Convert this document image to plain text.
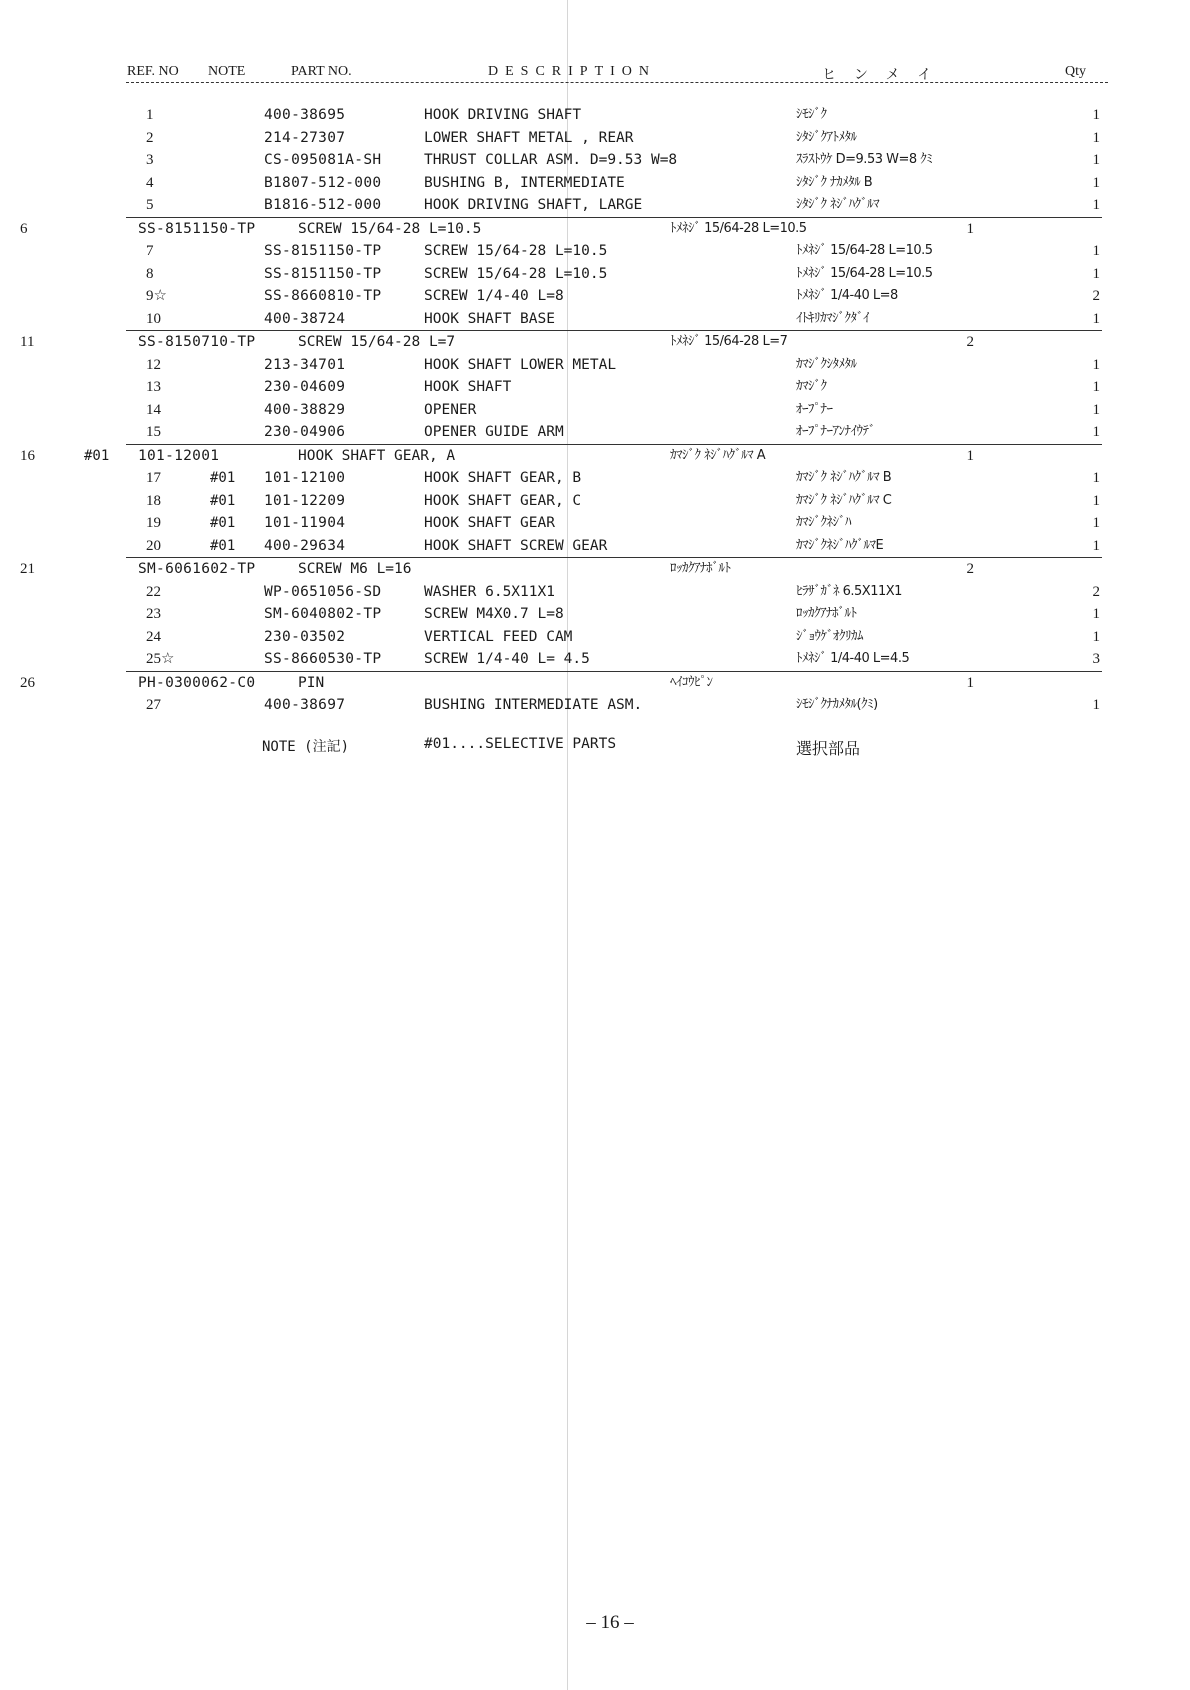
REF. NO NOTE	PART NO.	DESCRIPTION	ヒンメイ	Qty
1	400-38695	HOOK DRIVING SHAFT	ｼﾓｼﾞｸ	1
2	214-27307	LOWER SHAFT METAL , REAR	ｼﾀｼﾞｸｱﾄﾒﾀﾙ	1
3	CS-095081A-SH	THRUST COLLAR ASM. D=9.53 W=8	ｽﾗｽﾄｳｹ D=9.53 W=8 ｸﾐ	1
4	B1807-512-000	BUSHING B, INTERMEDIATE	ｼﾀｼﾞｸ ﾅｶﾒﾀﾙ B	1
5	B1816-512-000	HOOK DRIVING SHAFT, LARGE	ｼﾀｼﾞｸ ﾈｼﾞﾊｸﾞﾙﾏ	1
6	SS-8151150-TP	SCREW 15/64-28 L=10.5	ﾄﾒﾈｼﾞ 15/64-28 L=10.5	1
7	SS-8151150-TP	SCREW 15/64-28 L=10.5	ﾄﾒﾈｼﾞ 15/64-28 L=10.5	1
8	SS-8151150-TP	SCREW 15/64-28 L=10.5	ﾄﾒﾈｼﾞ 15/64-28 L=10.5	1
9☆	SS-8660810-TP	SCREW 1/4-40 L=8	ﾄﾒﾈｼﾞ 1/4-40 L=8	2
10	400-38724	HOOK SHAFT BASE	ｲﾄｷﾘｶﾏｼﾞｸﾀﾞｲ	1
11	SS-8150710-TP	SCREW 15/64-28 L=7	ﾄﾒﾈｼﾞ 15/64-28 L=7	2
12	213-34701	HOOK SHAFT LOWER METAL	ｶﾏｼﾞｸｼﾀﾒﾀﾙ	1
13	230-04609	HOOK SHAFT	ｶﾏｼﾞｸ	1
14	400-38829	OPENER	ｵｰﾌﾟﾅｰ	1
15	230-04906	OPENER GUIDE ARM	ｵｰﾌﾟﾅｰｱﾝﾅｲｳﾃﾞ	1
16	#01 101-12001	HOOK SHAFT GEAR, A	ｶﾏｼﾞｸ ﾈｼﾞﾊｸﾞﾙﾏ A	1
17	#01 101-12100	HOOK SHAFT GEAR, B	ｶﾏｼﾞｸ ﾈｼﾞﾊｸﾞﾙﾏ B	1
18	#01 101-12209	HOOK SHAFT GEAR, C	ｶﾏｼﾞｸ ﾈｼﾞﾊｸﾞﾙﾏ C	1
19	#01 101-11904	HOOK SHAFT GEAR	ｶﾏｼﾞｸﾈｼﾞﾊ	1
20	#01 400-29634	HOOK SHAFT SCREW GEAR	ｶﾏｼﾞｸﾈｼﾞﾊｸﾞﾙﾏE	1
21	SM-6061602-TP	SCREW M6 L=16	ﾛｯｶｸｱﾅﾎﾞﾙﾄ	2
22	WP-0651056-SD	WASHER 6.5X11X1	ﾋﾗｻﾞｶﾞﾈ 6.5X11X1	2
23	SM-6040802-TP	SCREW M4X0.7 L=8	ﾛｯｶｸｱﾅﾎﾞﾙﾄ	1
24	230-03502	VERTICAL FEED CAM	ｼﾞｮｳｹﾞｵｸﾘｶﾑ	1
25☆	SS-8660530-TP	SCREW 1/4-40 L= 4.5	ﾄﾒﾈｼﾞ 1/4-40 L=4.5	3
26	PH-0300062-C0	PIN	ﾍｲｺｳﾋﾟﾝ	1
27	400-38697	BUSHING INTERMEDIATE ASM.	ｼﾓｼﾞｸﾅｶﾒﾀﾙ(ｸﾐ)	1
NOTE (注記)	#01....SELECTIVE PARTS	選択部品
– 16 –
